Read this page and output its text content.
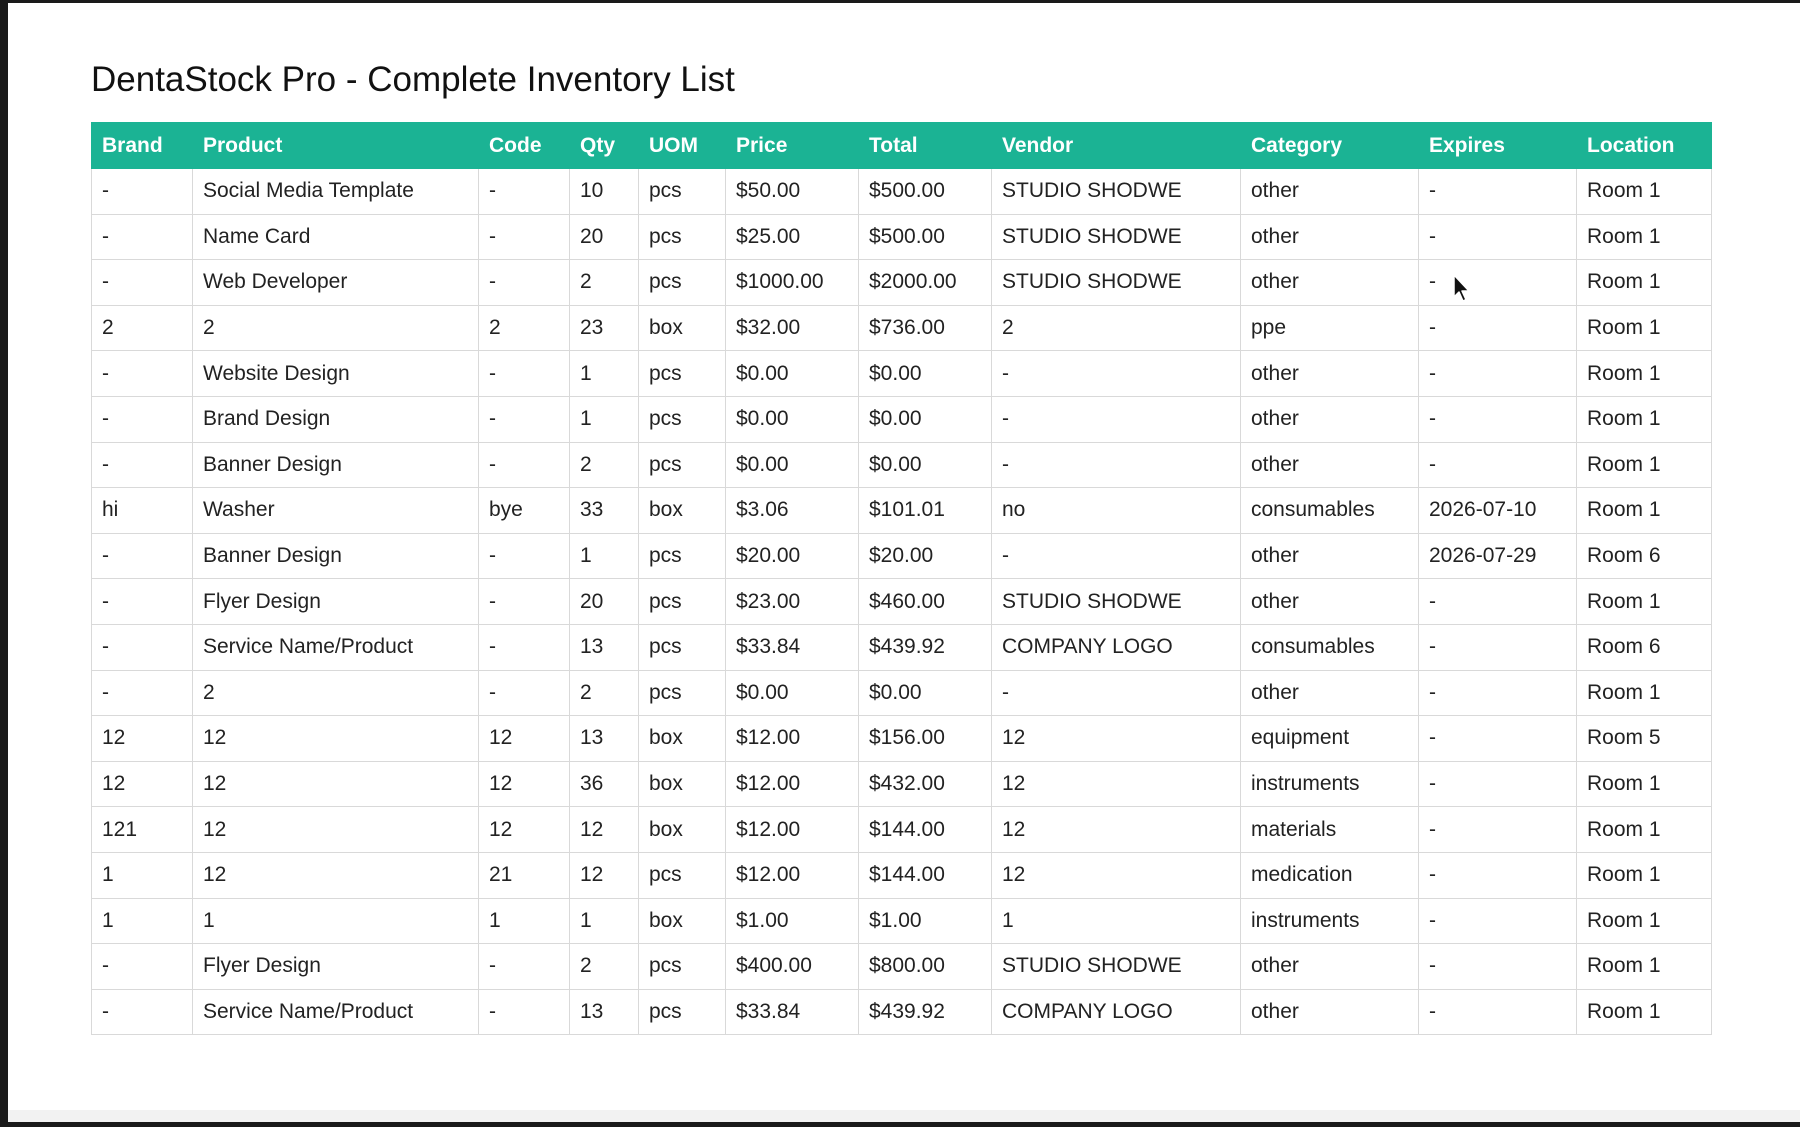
DentaStock Pro - Complete Inventory List
Brand	Product	Code	Qty	UOM	Price	Total	Vendor	Category	Expires	Location
-	Social Media Template	-	10	pcs	$50.00	$500.00	STUDIO SHODWE	other	-	Room 1
-	Name Card	-	20	pcs	$25.00	$500.00	STUDIO SHODWE	other	-	Room 1
-	Web Developer	-	2	pcs	$1000.00	$2000.00	STUDIO SHODWE	other	-	Room 1
2	2	2	23	box	$32.00	$736.00	2	ppe	-	Room 1
-	Website Design	-	1	pcs	$0.00	$0.00	-	other	-	Room 1
-	Brand Design	-	1	pcs	$0.00	$0.00	-	other	-	Room 1
-	Banner Design	-	2	pcs	$0.00	$0.00	-	other	-	Room 1
hi	Washer	bye	33	box	$3.06	$101.01	no	consumables	2026-07-10	Room 1
-	Banner Design	-	1	pcs	$20.00	$20.00	-	other	2026-07-29	Room 6
-	Flyer Design	-	20	pcs	$23.00	$460.00	STUDIO SHODWE	other	-	Room 1
-	Service Name/Product	-	13	pcs	$33.84	$439.92	COMPANY LOGO	consumables	-	Room 6
-	2	-	2	pcs	$0.00	$0.00	-	other	-	Room 1
12	12	12	13	box	$12.00	$156.00	12	equipment	-	Room 5
12	12	12	36	box	$12.00	$432.00	12	instruments	-	Room 1
121	12	12	12	box	$12.00	$144.00	12	materials	-	Room 1
1	12	21	12	pcs	$12.00	$144.00	12	medication	-	Room 1
1	1	1	1	box	$1.00	$1.00	1	instruments	-	Room 1
-	Flyer Design	-	2	pcs	$400.00	$800.00	STUDIO SHODWE	other	-	Room 1
-	Service Name/Product	-	13	pcs	$33.84	$439.92	COMPANY LOGO	other	-	Room 1
